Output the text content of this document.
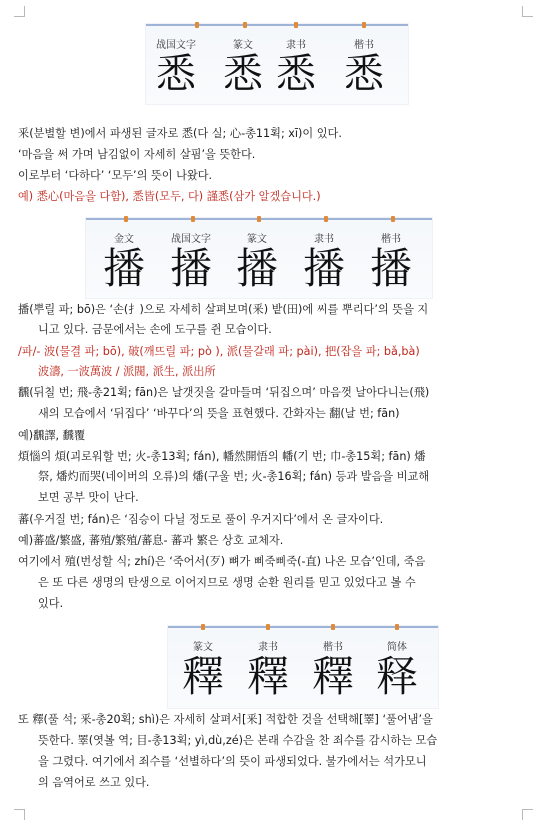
战国文字	篆文	隶书	楷书
悉 悉 悉 悉
釆(분별할 변)에서 파생된 글자로 悉(다 실; 心-총11획; xī)이 있다.
‘마음을 써 가며 남김없이 자세히 살핌’을 뜻한다.
이로부터 ‘다하다’ ‘모두’의 뜻이 나왔다.
예) 悉心(마음을 다함), 悉皆(모두, 다) 謹悉(삼가 알겠습니다.)
金文	战国文字	篆文	隶书	楷书
播 播 播 播 播
播(뿌릴 파; bō)은 ‘손(扌)으로 자세히 살펴보며(釆) 밭(田)에 씨를 뿌리다’의 뜻을 지
니고 있다. 금문에서는 손에 도구를 쥔 모습이다.
/파/- 波(물결 파; bō), 破(깨뜨릴 파; pò ), 派(물갈래 파; pài), 把(잡을 파; bǎ,bà)
波濤, 一波萬波 / 派閥, 派生, 派出所
飜(뒤칠 번; 飛-총21획; fān)은 날갯짓을 갈마들며 ‘뒤집으며’ 마음껏 날아다니는(飛)
새의 모습에서 ‘뒤집다’ ‘바꾸다’의 뜻을 표현했다. 간화자는 翻(날 번; fān)
예)飜譯, 飜覆
煩惱의 煩(괴로워할 번; 火-총13획; fán), 幡然開悟의 幡(기 번; 巾-총15획; fān) 燔
祭, 燔灼而哭(네이버의 오류)의 燔(구울 번; 火-총16획; fán) 등과 발음을 비교해
보면 공부 맛이 난다.
蕃(우거질 번; fán)은 ‘짐승이 다닐 정도로 풀이 우거지다’에서 온 글자이다.
예)蕃盛/繁盛, 蕃殖/繁殖/蕃息- 蕃과 繁은 상호 교체자.
여기에서 殖(번성할 식; zhí)은 ‘죽어서(歹) 뼈가 삐죽삐죽(-直) 나온 모습’인데, 죽음
은 또 다른 생명의 탄생으로 이어지므로 생명 순환 원리를 믿고 있었다고 볼 수
있다.
篆文	隶书	楷书	简体
釋 釋 釋 释
또 釋(풀 석; 釆-총20획; shì)은 자세히 살펴서[釆] 적합한 것을 선택해[睪] ‘풀어냄’을
뜻한다. 睪(엿볼 역; 目-총13획; yì,dù,zé)은 본래 수감을 찬 죄수를 감시하는 모습
을 그렸다. 여기에서 죄수를 ‘선별하다’의 뜻이 파생되었다. 불가에서는 석가모니
의 음역어로 쓰고 있다.
